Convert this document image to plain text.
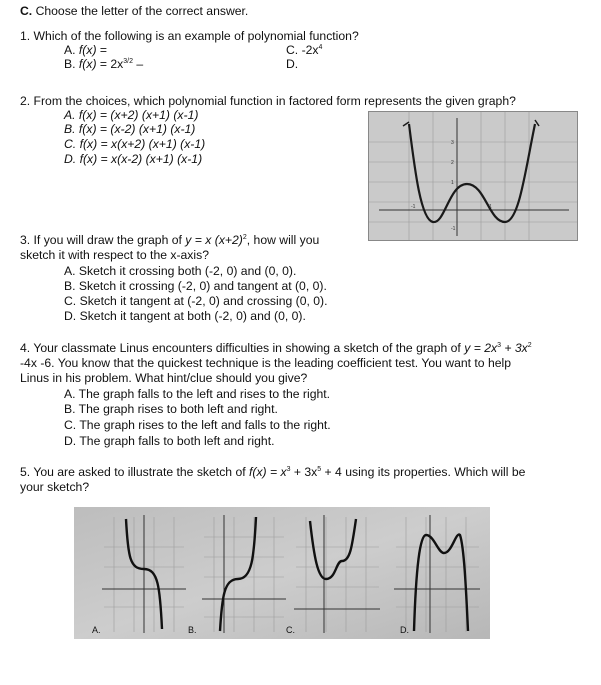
C. Choose the letter of the correct answer.
1. Which of the following is an example of polynomial function?
A. f(x) =
B. $f(x) = 2x^{3/2}$ –
C. $-2x^4$
D.
2. From the choices, which polynomial function in factored form represents the given graph?
A. f(x) = (x+2) (x+1) (x-1)
B. f(x) = (x-2) (x+1) (x-1)
C. f(x) = x(x+2) (x+1) (x-1)
D. f(x) = x(x-2) (x+1) (x-1)
3
2
1
-1	1
-1
3. If you will draw the graph of y = x $(x+2)^2$, how will you
sketch it with respect to the x-axis?
A. Sketch it crossing both (-2, 0) and (0, 0).
B. Sketch it crossing (-2, 0) and tangent at (0, 0).
C. Sketch it tangent at (-2, 0) and crossing (0, 0).
D. Sketch it tangent at both (-2, 0) and (0, 0).
4. Your classmate Linus encounters difficulties in showing a sketch of the graph of $y = 2x^3 + 3x^2$
-4x -6. You know that the quickest technique is the leading coefficient test. You want to help
Linus in his problem. What hint/clue should you give?
A. The graph falls to the left and rises to the right.
B. The graph rises to both left and right.
C. The graph rises to the left and falls to the right.
D. The graph falls to both left and right.
5. You are asked to illustrate the sketch of $f(x) = x^3 + 3x^5 + 4$ using its properties. Which will be
your sketch?
A.	B.	C.	D.
